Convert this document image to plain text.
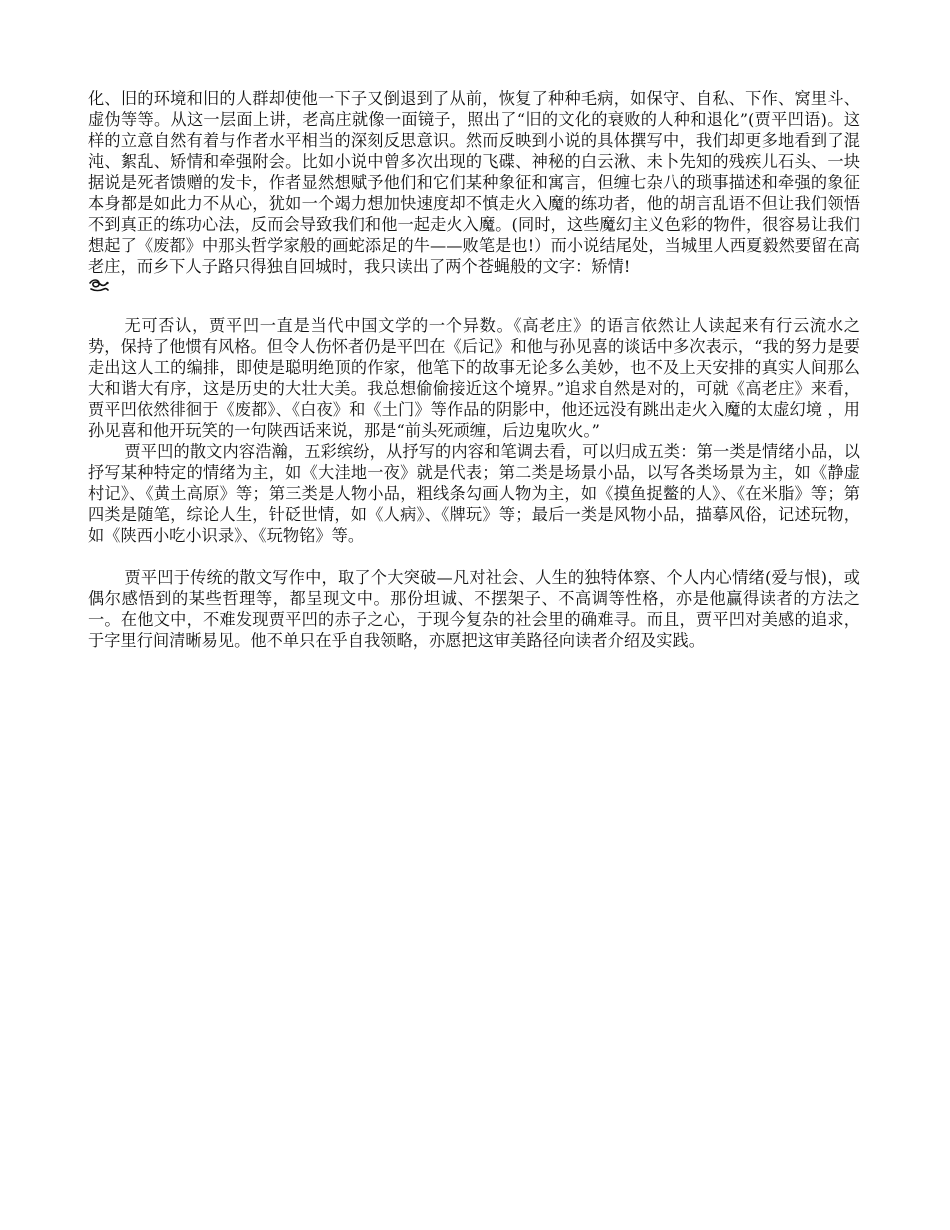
化、旧的环境和旧的人群却使他一下子又倒退到了从前，恢复了种种毛病，如保守、自私、下作、窝里斗、虚伪等等。从这一层面上讲，老高庄就像一面镜子，照出了“旧的文化的衰败的人种和退化”(贾平凹语)。这样的立意自然有着与作者水平相当的深刻反思意识。然而反映到小说的具体撰写中，我们却更多地看到了混沌、絮乱、矫情和牵强附会。比如小说中曾多次出现的飞碟、神秘的白云湫、未卜先知的残疾儿石头、一块据说是死者馈赠的发卡，作者显然想赋予他们和它们某种象征和寓言，但缠七杂八的琐事描述和牵强的象征本身都是如此力不从心，犹如一个竭力想加快速度却不慎走火入魔的练功者，他的胡言乱语不但让我们领悟不到真正的练功心法，反而会导致我们和他一起走火入魔。(同时，这些魔幻主义色彩的物件，很容易让我们想起了《废都》中那头哲学家般的画蛇添足的牛——败笔是也!）而小说结尾处，当城里人西夏毅然要留在高老庄，而乡下人子路只得独自回城时，我只读出了两个苍蝇般的文字：矫情!

无可否认，贾平凹一直是当代中国文学的一个异数。《高老庄》的语言依然让人读起来有行云流水之势，保持了他惯有风格。但令人伤怀者仍是平凹在《后记》和他与孙见喜的谈话中多次表示，“我的努力是要走出这人工的编排，即使是聪明绝顶的作家，他笔下的故事无论多么美妙，也不及上天安排的真实人间那么大和谐大有序，这是历史的大壮大美。我总想偷偷接近这个境界。”追求自然是对的，可就《高老庄》来看，贾平凹依然徘徊于《废都》、《白夜》和《土门》等作品的阴影中，他还远没有跳出走火入魔的太虚幻境 ，用孙见喜和他开玩笑的一句陕西话来说，那是“前头死顽缠，后边鬼吹火。”

贾平凹的散文内容浩瀚，五彩缤纷，从抒写的内容和笔调去看，可以归成五类：第一类是情绪小品，以抒写某种特定的情绪为主，如《大洼地一夜》就是代表；第二类是场景小品，以写各类场景为主，如《静虚村记》、《黄土高原》等；第三类是人物小品，粗线条勾画人物为主，如《摸鱼捉鳖的人》、《在米脂》等；第四类是随笔，综论人生，针砭世情，如《人病》、《牌玩》等；最后一类是风物小品，描摹风俗，记述玩物，如《陕西小吃小识录》、《玩物铭》等。

贾平凹于传统的散文写作中，取了个大突破—凡对社会、人生的独特体察、个人内心情绪(爱与恨)，或偶尔感悟到的某些哲理等，都呈现文中。那份坦诚、不摆架子、不高调等性格，亦是他赢得读者的方法之一。在他文中，不难发现贾平凹的赤子之心，于现今复杂的社会里的确难寻。而且，贾平凹对美感的追求，于字里行间清晰易见。他不单只在乎自我领略，亦愿把这审美路径向读者介绍及实践。
